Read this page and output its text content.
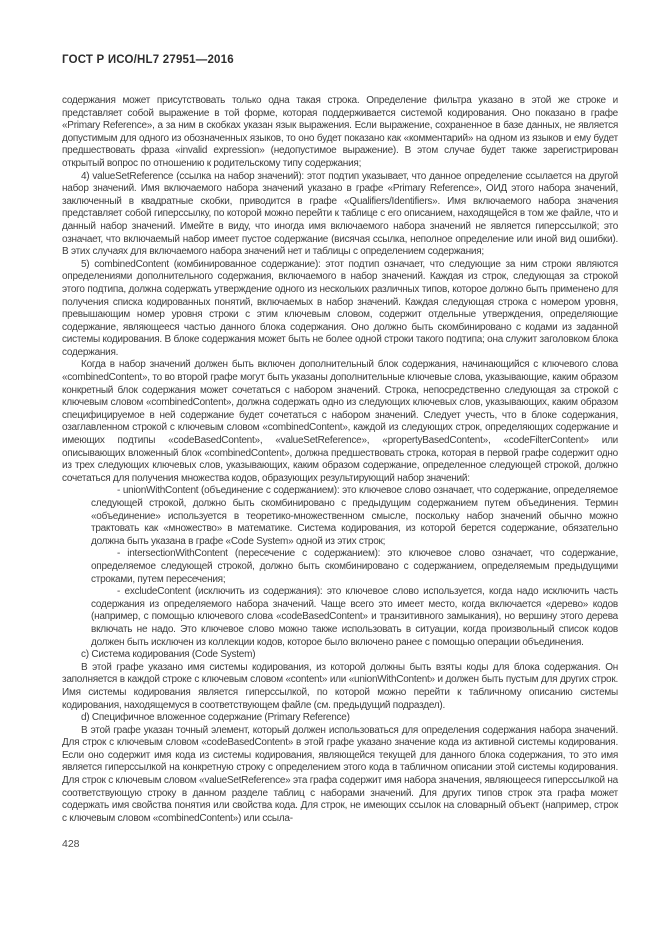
ГОСТ Р ИСО/HL7 27951—2016

содержания может присутствовать только одна такая строка. Определение фильтра указано в этой же строке и представляет собой выражение в той форме, которая поддерживается системой кодирования. Оно показано в графе «Primary Reference», а за ним в скобках указан язык выражения. Если выражение, сохраненное в базе данных, не является допустимым для одного из обозначенных языков, то оно будет показано как «комментарий» на одном из языков и ему будет предшествовать фраза «invalid expression» (недопустимое выражение). В этом случае будет также зарегистрирован открытый вопрос по отношению к родительскому типу содержания;

4) valueSetReference (ссылка на набор значений): этот подтип указывает, что данное определение ссылается на другой набор значений. Имя включаемого набора значений указано в графе «Primary Reference», ОИД этого набора значений, заключенный в квадратные скобки, приводится в графе «Qualifiers/Identifiers». Имя включаемого набора значения представляет собой гиперссылку, по которой можно перейти к таблице с его описанием, находящейся в том же файле, что и данный набор значений. Имейте в виду, что иногда имя включаемого набора значений не является гиперссылкой; это означает, что включаемый набор имеет пустое содержание (висячая ссылка, неполное определение или иной вид ошибки). В этих случаях для включаемого набора значений нет и таблицы с определением содержания;

5) combinedContent (комбинированное содержание): этот подтип означает, что следующие за ним строки являются определениями дополнительного содержания, включаемого в набор значений. Каждая из строк, следующая за строкой этого подтипа, должна содержать утверждение одного из нескольких различных типов, которое должно быть применено для получения списка кодированных понятий, включаемых в набор значений. Каждая следующая строка с номером уровня, превышающим номер уровня строки с этим ключевым словом, содержит отдельные утверждения, определяющие содержание, являющееся частью данного блока содержания. Оно должно быть скомбинировано с кодами из заданной системы кодирования. В блоке содержания может быть не более одной строки такого подтипа; она служит заголовком блока содержания.

Когда в набор значений должен быть включен дополнительный блок содержания, начинающийся с ключевого слова «combinedContent», то во второй графе могут быть указаны дополнительные ключевые слова, указывающие, каким образом конкретный блок содержания может сочетаться с набором значений. Строка, непосредственно следующая за строкой с ключевым словом «combinedContent», должна содержать одно из следующих ключевых слов, указывающих, каким образом специфицируемое в ней содержание будет сочетаться с набором значений. Следует учесть, что в блоке содержания, озаглавленном строкой с ключевым словом «combinedContent», каждой из следующих строк, определяющих содержание и имеющих подтипы «codeBasedContent», «valueSetReference», «propertyBasedContent», «codeFilterContent» или описывающих вложенный блок «combinedContent», должна предшествовать строка, которая в первой графе содержит одно из трех следующих ключевых слов, указывающих, каким образом содержание, определенное следующей строкой, должно сочетаться для получения множества кодов, образующих результирующий набор значений:

- unionWithContent (объединение с содержанием): это ключевое слово означает, что содержание, определяемое следующей строкой, должно быть скомбинировано с предыдущим содержанием путем объединения. Термин «объединение» используется в теоретико-множественном смысле, поскольку набор значений обычно можно трактовать как «множество» в математике. Система кодирования, из которой берется содержание, обязательно должна быть указана в графе «Code System» одной из этих строк;

- intersectionWithContent (пересечение с содержанием): это ключевое слово означает, что содержание, определяемое следующей строкой, должно быть скомбинировано с содержанием, определяемым предыдущими строками, путем пересечения;

- excludeContent (исключить из содержания): это ключевое слово используется, когда надо исключить часть содержания из определяемого набора значений. Чаще всего это имеет место, когда включается «дерево» кодов (например, с помощью ключевого слова «codeBasedContent» и транзитивного замыкания), но вершину этого дерева включать не надо. Это ключевое слово можно также использовать в ситуации, когда произвольный список кодов должен быть исключен из коллекции кодов, которое было включено ранее с помощью операции объединения.

c) Система кодирования (Code System)

В этой графе указано имя системы кодирования, из которой должны быть взяты коды для блока содержания. Он заполняется в каждой строке с ключевым словом «content» или «unionWithContent» и должен быть пустым для других строк. Имя системы кодирования является гиперссылкой, по которой можно перейти к табличному описанию системы кодирования, находящемуся в соответствующем файле (см. предыдущий подраздел).

d) Специфичное вложенное содержание (Primary Reference)

В этой графе указан точный элемент, который должен использоваться для определения содержания набора значений. Для строк с ключевым словом «codeBasedContent» в этой графе указано значение кода из активной системы кодирования. Если оно содержит имя кода из системы кодирования, являющейся текущей для данного блока содержания, то это имя является гиперссылкой на конкретную строку с определением этого кода в табличном описании этой системы кодирования. Для строк с ключевым словом «valueSetReference» эта графа содержит имя набора значения, являющееся гиперссылкой на соответствующую строку в данном разделе таблиц с наборами значений. Для других типов строк эта графа может содержать имя свойства понятия или свойства кода. Для строк, не имеющих ссылок на словарный объект (например, строк с ключевым словом «combinedContent») или ссыла-

428
